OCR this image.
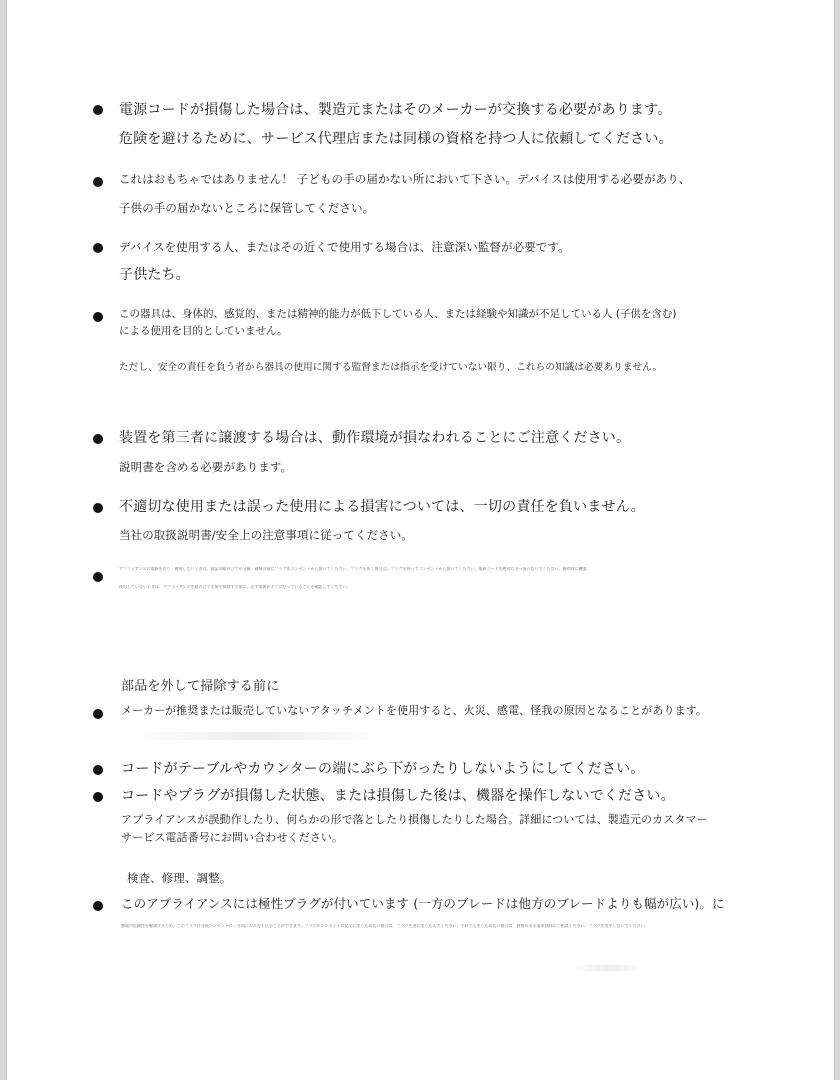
電源コードが損傷した場合は、製造元またはそのメーカーが交換する必要があります。
危険を避けるために、サービス代理店または同様の資格を持つ人に依頼してください。
これはおもちゃではありません！ 子どもの手の届かない所において下さい。デバイスは使用する必要があり、
子供の手の届かないところに保管してください。
デバイスを使用する人、またはその近くで使用する場合は、注意深い監督が必要です。
子供たち。
この器具は、身体的、感覚的、または精神的能力が低下している人、または経験や知識が不足している人 (子供を含む)
による使用を目的としていません。
ただし、安全の責任を負う者から器具の使用に関する監督または指示を受けていない限り、これらの知識は必要ありません。
装置を第三者に譲渡する場合は、動作環境が損なわれることにご注意ください。
説明書を含める必要があります。
不適切な使用または誤った使用による損害については、一切の責任を負いません。
当社の取扱説明書/安全上の注意事項に従ってください。
アプライアンスの電源を切り、使用しないときは、部品の組み立てや分解、補修の前にプラグをコンセントから抜いてください。プラグを抜く場合は、プラグを持ってコンセントから抜いてください。電源コードを絶対に引っ張らないでください。操作時に機器
使用していないときは、アプライアンスを組み立てる前や掃除する前に、必ず電源がオフになっていることを確認してください。
部品を外して掃除する前に
メーカーが推奨または販売していないアタッチメントを使用すると、火災、感電、怪我の原因となることがあります。
コードがテーブルやカウンターの端にぶら下がったりしないようにしてください。
コードやプラグが損傷した状態、または損傷した後は、機器を操作しないでください。
アプライアンスが誤動作したり、何らかの形で落としたり損傷したりした場合。詳細については、製造元のカスタマー
サービス電話番号にお問い合わせください。
検査、修理、調整。
このアプライアンスには極性プラグが付いています (一方のブレードは他方のブレードよりも幅が広い)。に
感電の危険性を軽減するため、このプラグは分極コンセントに一方向にのみ差し込むことができます。プラグがコンセントに完全に差し込めない場合は、プラグを逆に差し込んでください。それでも差し込めない場合は、資格のある電気技師にご相談ください。プラグを変更しないでください。
